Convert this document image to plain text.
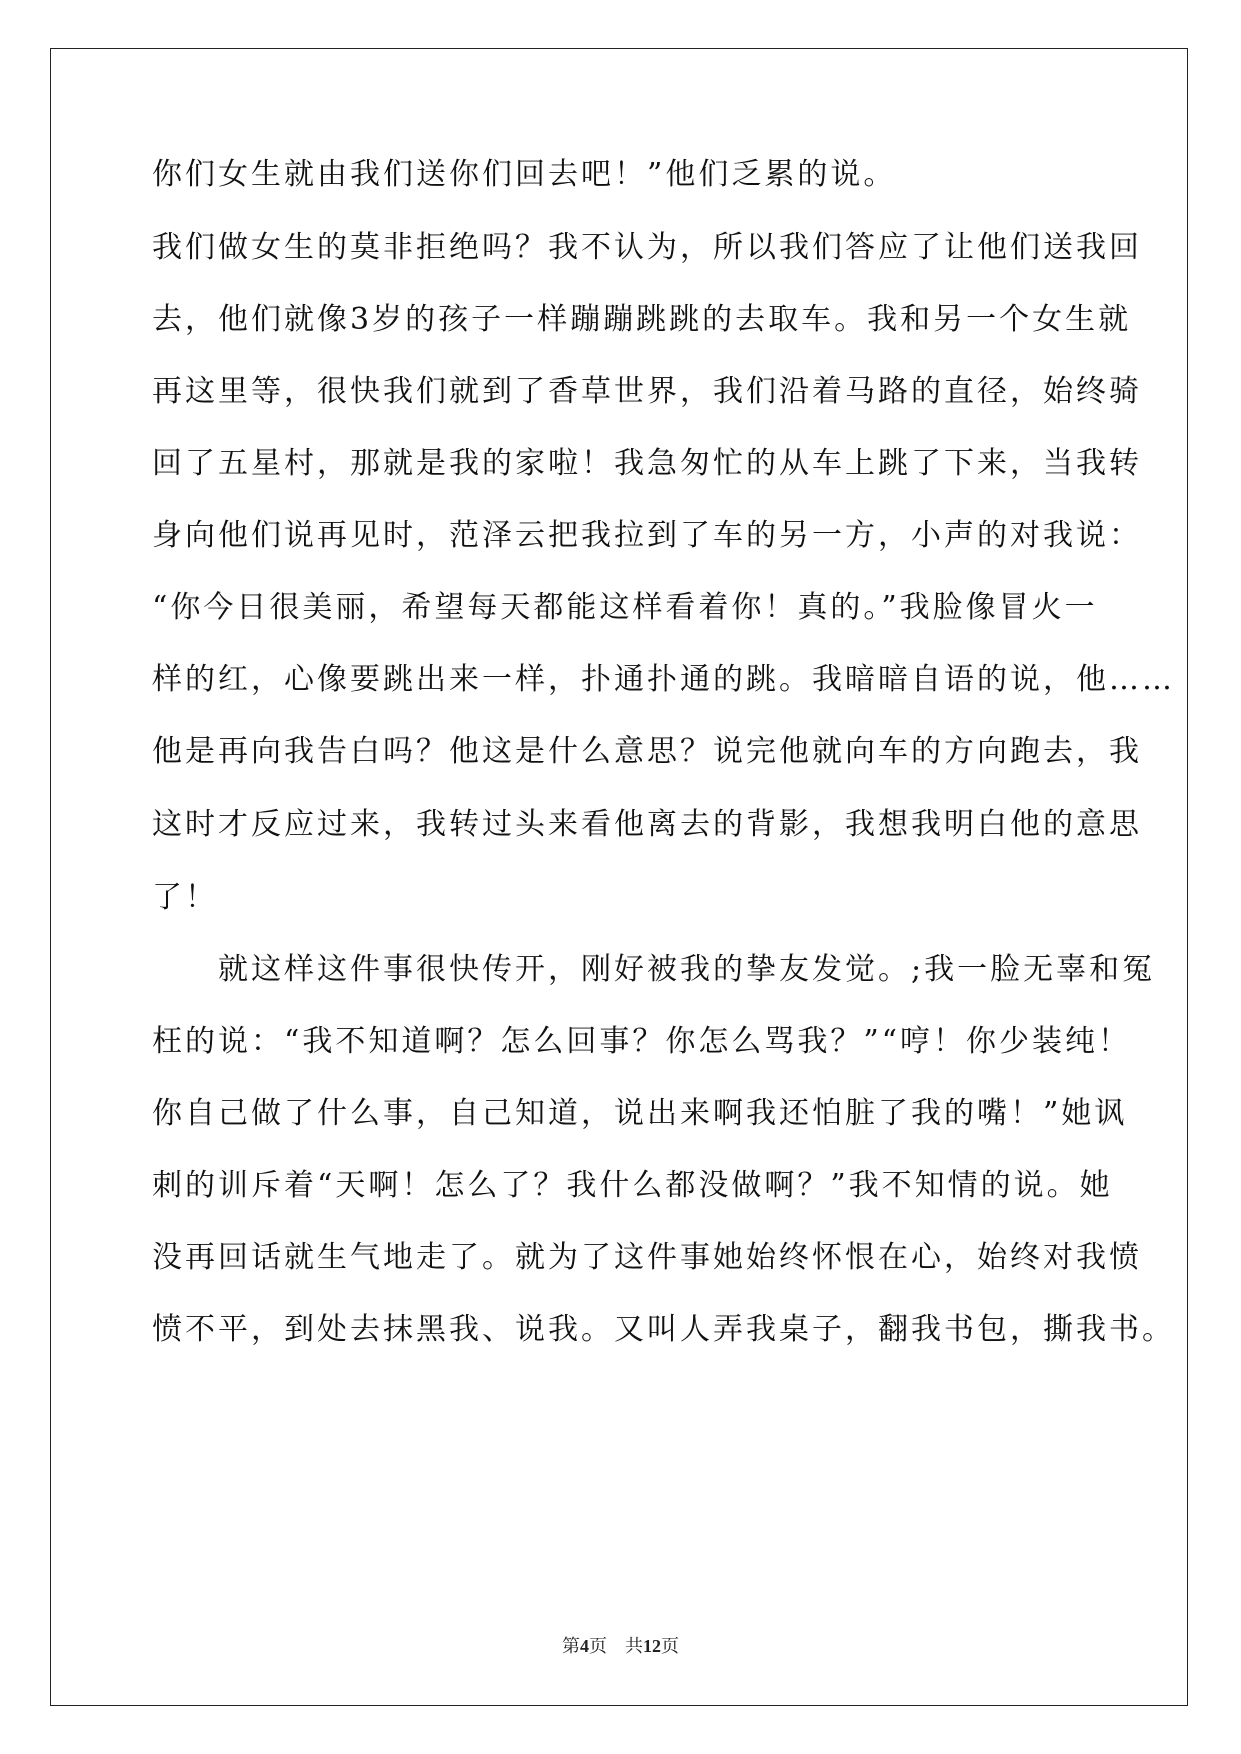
你们女生就由我们送你们回去吧！”他们乏累的说。
我们做女生的莫非拒绝吗？我不认为，所以我们答应了让他们送我回
去，他们就像3岁的孩子一样蹦蹦跳跳的去取车。我和另一个女生就
再这里等，很快我们就到了香草世界，我们沿着马路的直径，始终骑
回了五星村，那就是我的家啦！我急匆忙的从车上跳了下来，当我转
身向他们说再见时，范泽云把我拉到了车的另一方，小声的对我说：
“你今日很美丽，希望每天都能这样看着你！真的。”我脸像冒火一
样的红，心像要跳出来一样，扑通扑通的跳。我暗暗自语的说，他……
他是再向我告白吗？他这是什么意思？说完他就向车的方向跑去，我
这时才反应过来，我转过头来看他离去的背影，我想我明白他的意思
了！
　　就这样这件事很快传开，刚好被我的挚友发觉。;我一脸无辜和冤
枉的说：“我不知道啊？怎么回事？你怎么骂我？”“哼！你少装纯！
你自己做了什么事，自己知道，说出来啊我还怕脏了我的嘴！”她讽
刺的训斥着“天啊！怎么了？我什么都没做啊？”我不知情的说。她
没再回话就生气地走了。就为了这件事她始终怀恨在心，始终对我愤
愤不平，到处去抹黑我、说我。又叫人弄我桌子，翻我书包，撕我书。
第4页 共12页
